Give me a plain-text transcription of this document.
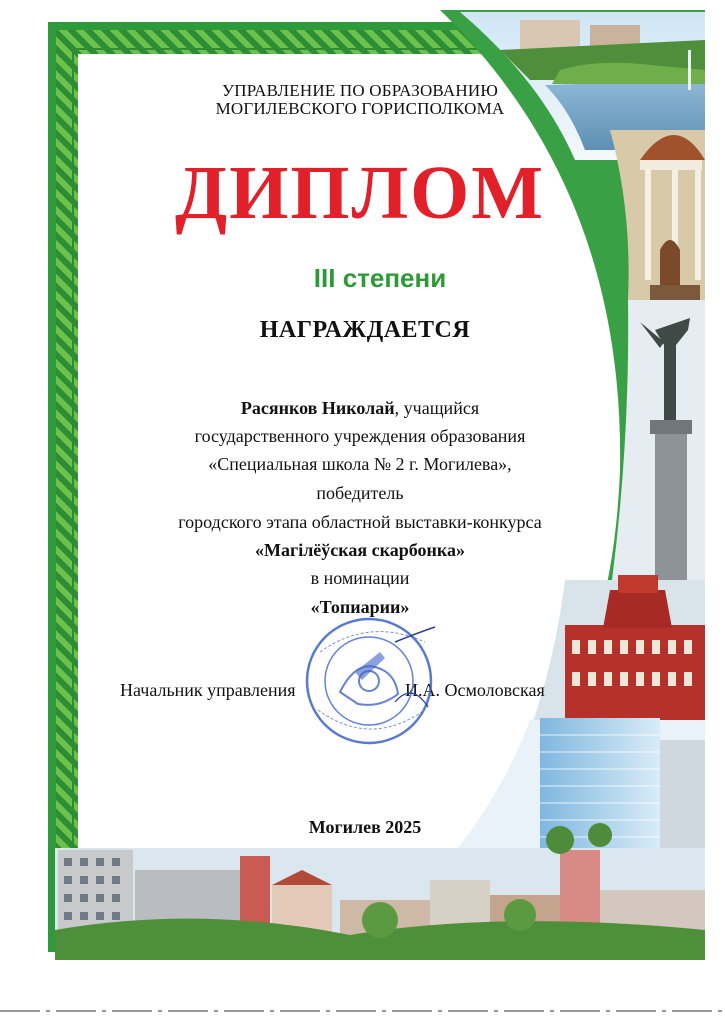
УПРАВЛЕНИЕ ПО ОБРАЗОВАНИЮ
МОГИЛЕВСКОГО ГОРИСПОЛКОМА
ДИПЛОМ
III степени
НАГРАЖДАЕТСЯ
Расянков Николай, учащийся
государственного учреждения образования
«Специальная школа № 2 г. Могилева»,
победитель
городского этапа областной выставки-конкурса
«Магілёўская скарбонка»
в номинации
«Топиарии»
Начальник управления	И.А. Осмоловская
Могилев 2025
